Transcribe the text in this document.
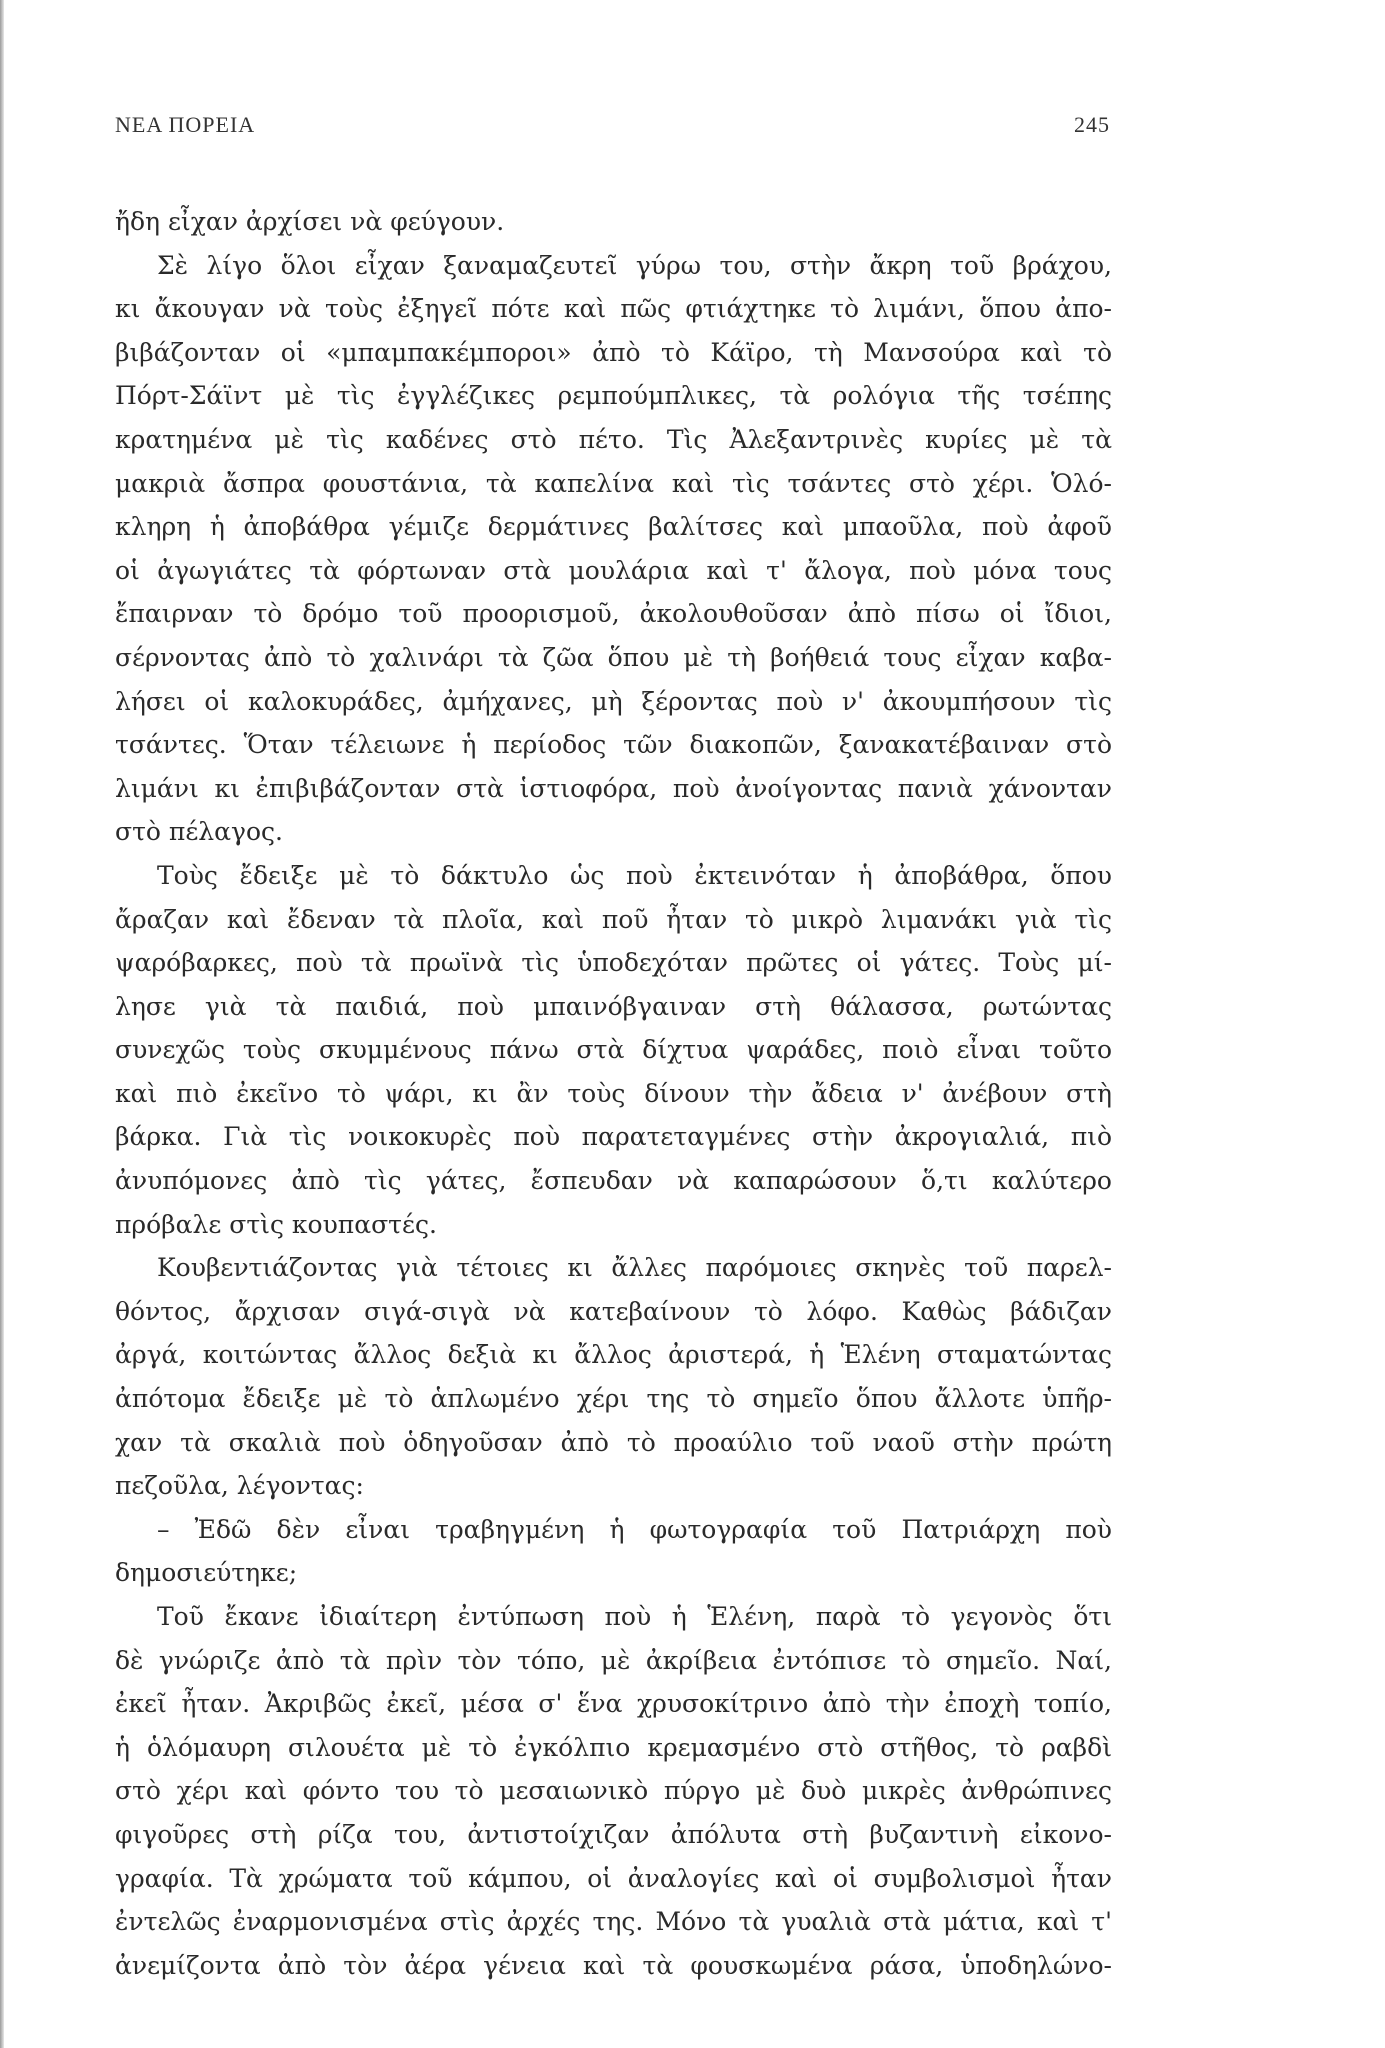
ΝΕΑ ΠΟΡΕΙΑ	245
ἤδη εἶχαν ἀρχίσει νὰ φεύγουν.
Σὲ λίγο ὅλοι εἶχαν ξαναμαζευτεῖ γύρω του, στὴν ἄκρη τοῦ βράχου,
κι ἄκουγαν νὰ τοὺς ἐξηγεῖ πότε καὶ πῶς φτιάχτηκε τὸ λιμάνι, ὅπου ἀπο-
βιβάζονταν οἱ «μπαμπακέμποροι» ἀπὸ τὸ Κάϊρο, τὴ Μανσούρα καὶ τὸ
Πόρτ-Σάϊντ μὲ τὶς ἐγγλέζικες ρεμπούμπλικες, τὰ ρολόγια τῆς τσέπης
κρατημένα μὲ τὶς καδένες στὸ πέτο. Τὶς Ἀλεξαντρινὲς κυρίες μὲ τὰ
μακριὰ ἄσπρα φουστάνια, τὰ καπελίνα καὶ τὶς τσάντες στὸ χέρι. Ὁλό-
κληρη ἡ ἀποβάθρα γέμιζε δερμάτινες βαλίτσες καὶ μπαοῦλα, ποὺ ἀφοῦ
οἱ ἀγωγιάτες τὰ φόρτωναν στὰ μουλάρια καὶ τ' ἄλογα, ποὺ μόνα τους
ἔπαιρναν τὸ δρόμο τοῦ προορισμοῦ, ἀκολουθοῦσαν ἀπὸ πίσω οἱ ἴδιοι,
σέρνοντας ἀπὸ τὸ χαλινάρι τὰ ζῶα ὅπου μὲ τὴ βοήθειά τους εἶχαν καβα-
λήσει οἱ καλοκυράδες, ἀμήχανες, μὴ ξέροντας ποὺ ν' ἀκουμπήσουν τὶς
τσάντες. Ὅταν τέλειωνε ἡ περίοδος τῶν διακοπῶν, ξανακατέβαιναν στὸ
λιμάνι κι ἐπιβιβάζονταν στὰ ἱστιοφόρα, ποὺ ἀνοίγοντας πανιὰ χάνονταν
στὸ πέλαγος.
Τοὺς ἔδειξε μὲ τὸ δάκτυλο ὡς ποὺ ἐκτεινόταν ἡ ἀποβάθρα, ὅπου
ἄραζαν καὶ ἔδεναν τὰ πλοῖα, καὶ ποῦ ἦταν τὸ μικρὸ λιμανάκι γιὰ τὶς
ψαρόβαρκες, ποὺ τὰ πρωϊνὰ τὶς ὑποδεχόταν πρῶτες οἱ γάτες. Τοὺς μί-
λησε γιὰ τὰ παιδιά, ποὺ μπαινόβγαιναν στὴ θάλασσα, ρωτώντας
συνεχῶς τοὺς σκυμμένους πάνω στὰ δίχτυα ψαράδες, ποιὸ εἶναι τοῦτο
καὶ πιὸ ἐκεῖνο τὸ ψάρι, κι ἂν τοὺς δίνουν τὴν ἄδεια ν' ἀνέβουν στὴ
βάρκα. Γιὰ τὶς νοικοκυρὲς ποὺ παρατεταγμένες στὴν ἀκρογιαλιά, πιὸ
ἀνυπόμονες ἀπὸ τὶς γάτες, ἔσπευδαν νὰ καπαρώσουν ὅ,τι καλύτερο
πρόβαλε στὶς κουπαστές.
Κουβεντιάζοντας γιὰ τέτοιες κι ἄλλες παρόμοιες σκηνὲς τοῦ παρελ-
θόντος, ἄρχισαν σιγά-σιγὰ νὰ κατεβαίνουν τὸ λόφο. Καθὼς βάδιζαν
ἀργά, κοιτώντας ἄλλος δεξιὰ κι ἄλλος ἀριστερά, ἡ Ἑλένη σταματώντας
ἀπότομα ἔδειξε μὲ τὸ ἁπλωμένο χέρι της τὸ σημεῖο ὅπου ἄλλοτε ὑπῆρ-
χαν τὰ σκαλιὰ ποὺ ὁδηγοῦσαν ἀπὸ τὸ προαύλιο τοῦ ναοῦ στὴν πρώτη
πεζοῦλα, λέγοντας:
– Ἐδῶ δὲν εἶναι τραβηγμένη ἡ φωτογραφία τοῦ Πατριάρχη ποὺ
δημοσιεύτηκε;
Τοῦ ἔκανε ἰδιαίτερη ἐντύπωση ποὺ ἡ Ἑλένη, παρὰ τὸ γεγονὸς ὅτι
δὲ γνώριζε ἀπὸ τὰ πρὶν τὸν τόπο, μὲ ἀκρίβεια ἐντόπισε τὸ σημεῖο. Ναί,
ἐκεῖ ἦταν. Ἀκριβῶς ἐκεῖ, μέσα σ' ἕνα χρυσοκίτρινο ἀπὸ τὴν ἐποχὴ τοπίο,
ἡ ὁλόμαυρη σιλουέτα μὲ τὸ ἐγκόλπιο κρεμασμένο στὸ στῆθος, τὸ ραβδὶ
στὸ χέρι καὶ φόντο του τὸ μεσαιωνικὸ πύργο μὲ δυὸ μικρὲς ἀνθρώπινες
φιγοῦρες στὴ ρίζα του, ἀντιστοίχιζαν ἀπόλυτα στὴ βυζαντινὴ εἰκονο-
γραφία. Τὰ χρώματα τοῦ κάμπου, οἱ ἀναλογίες καὶ οἱ συμβολισμοὶ ἦταν
ἐντελῶς ἐναρμονισμένα στὶς ἀρχές της. Μόνο τὰ γυαλιὰ στὰ μάτια, καὶ τ'
ἀνεμίζοντα ἀπὸ τὸν ἀέρα γένεια καὶ τὰ φουσκωμένα ράσα, ὑποδηλώνο-
